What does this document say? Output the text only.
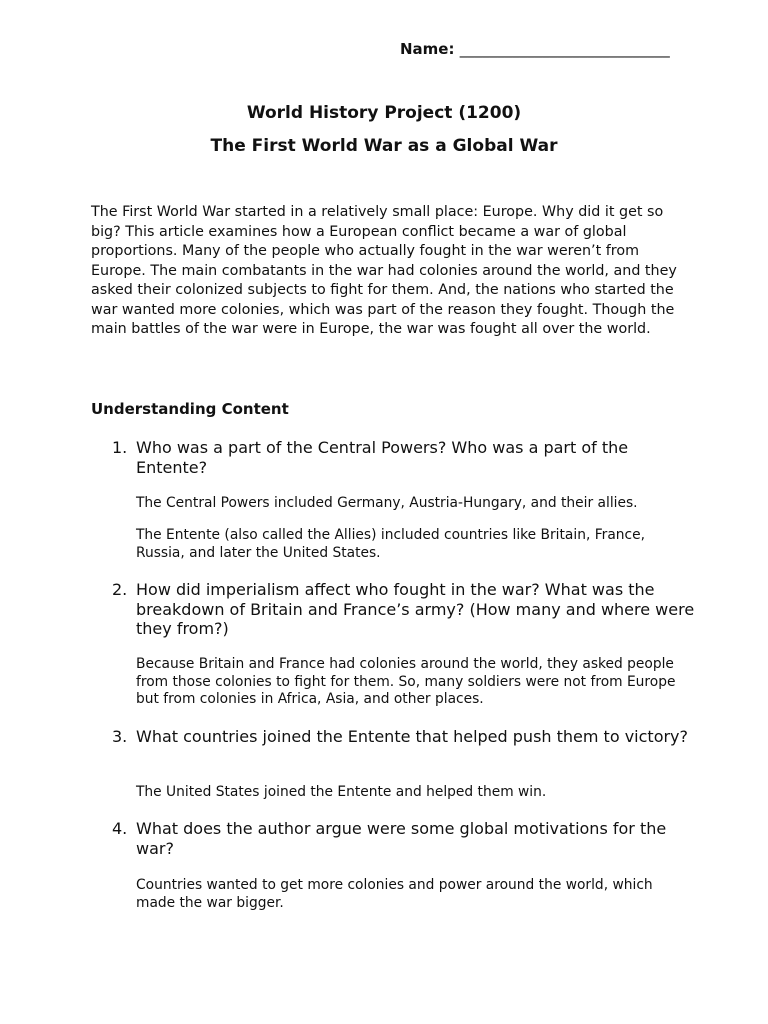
Name: ____________________________
World History Project (1200)
The First World War as a Global War

The First World War started in a relatively small place: Europe. Why did it get so big? This article examines how a European conflict became a war of global proportions. Many of the people who actually fought in the war weren’t from Europe. The main combatants in the war had colonies around the world, and they asked their colonized subjects to fight for them. And, the nations who started the war wanted more colonies, which was part of the reason they fought. Though the main battles of the war were in Europe, the war was fought all over the world.

Understanding Content
1. Who was a part of the Central Powers? Who was a part of the Entente?

The Central Powers included Germany, Austria-Hungary, and their allies.

The Entente (also called the Allies) included countries like Britain, France, Russia, and later the United States.

2. How did imperialism affect who fought in the war? What was the breakdown of Britain and France’s army? (How many and where were they from?)

Because Britain and France had colonies around the world, they asked people from those colonies to fight for them. So, many soldiers were not from Europe but from colonies in Africa, Asia, and other places.

3. What countries joined the Entente that helped push them to victory?

The United States joined the Entente and helped them win.

4. What does the author argue were some global motivations for the war?

Countries wanted to get more colonies and power around the world, which made the war bigger.
